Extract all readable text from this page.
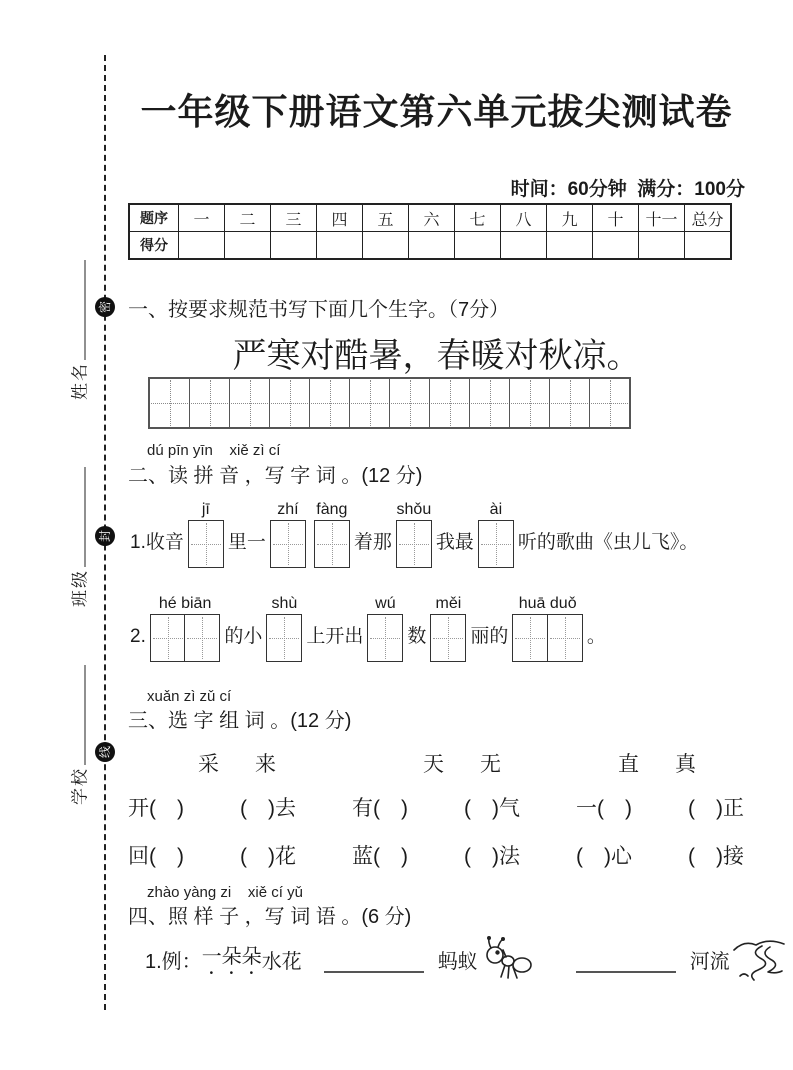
密
封
线
姓名
班级
学校
一年级下册语文第六单元拔尖测试卷
时间：60分钟  满分：100分
题序	一	二	三	四	五	六	七	八	九	十	十一	总分
得分												
一、按要求规范书写下面几个生字。（7分）
严寒对酷暑，春暖对秋凉。
dú pīn yīn    xiě zì cí
二、读 拼 音 ，写 字 词 。(12 分)
1.收音
jī
里一
zhí fàng
着那
shǒu
我最
ài
听的歌曲《虫儿飞》。
2.
hé biān
的小
shù
上开出
wú
数
měi
丽的
huā duǒ
。
xuǎn zì zǔ cí
三、选 字 组 词 。(12 分)
采 来	天 无	直 真
开(　)	(　)去	有(　)	(　)气	一(　)	(　)正
回(　)	(　)花	蓝(　)	(　)法	(　)心	(　)接
zhào yàng zi    xiě cí yǔ
四、照 样 子 ，写 词 语 。(6 分)
1.例： 一朵朵 水花	蚂蚁	河流
